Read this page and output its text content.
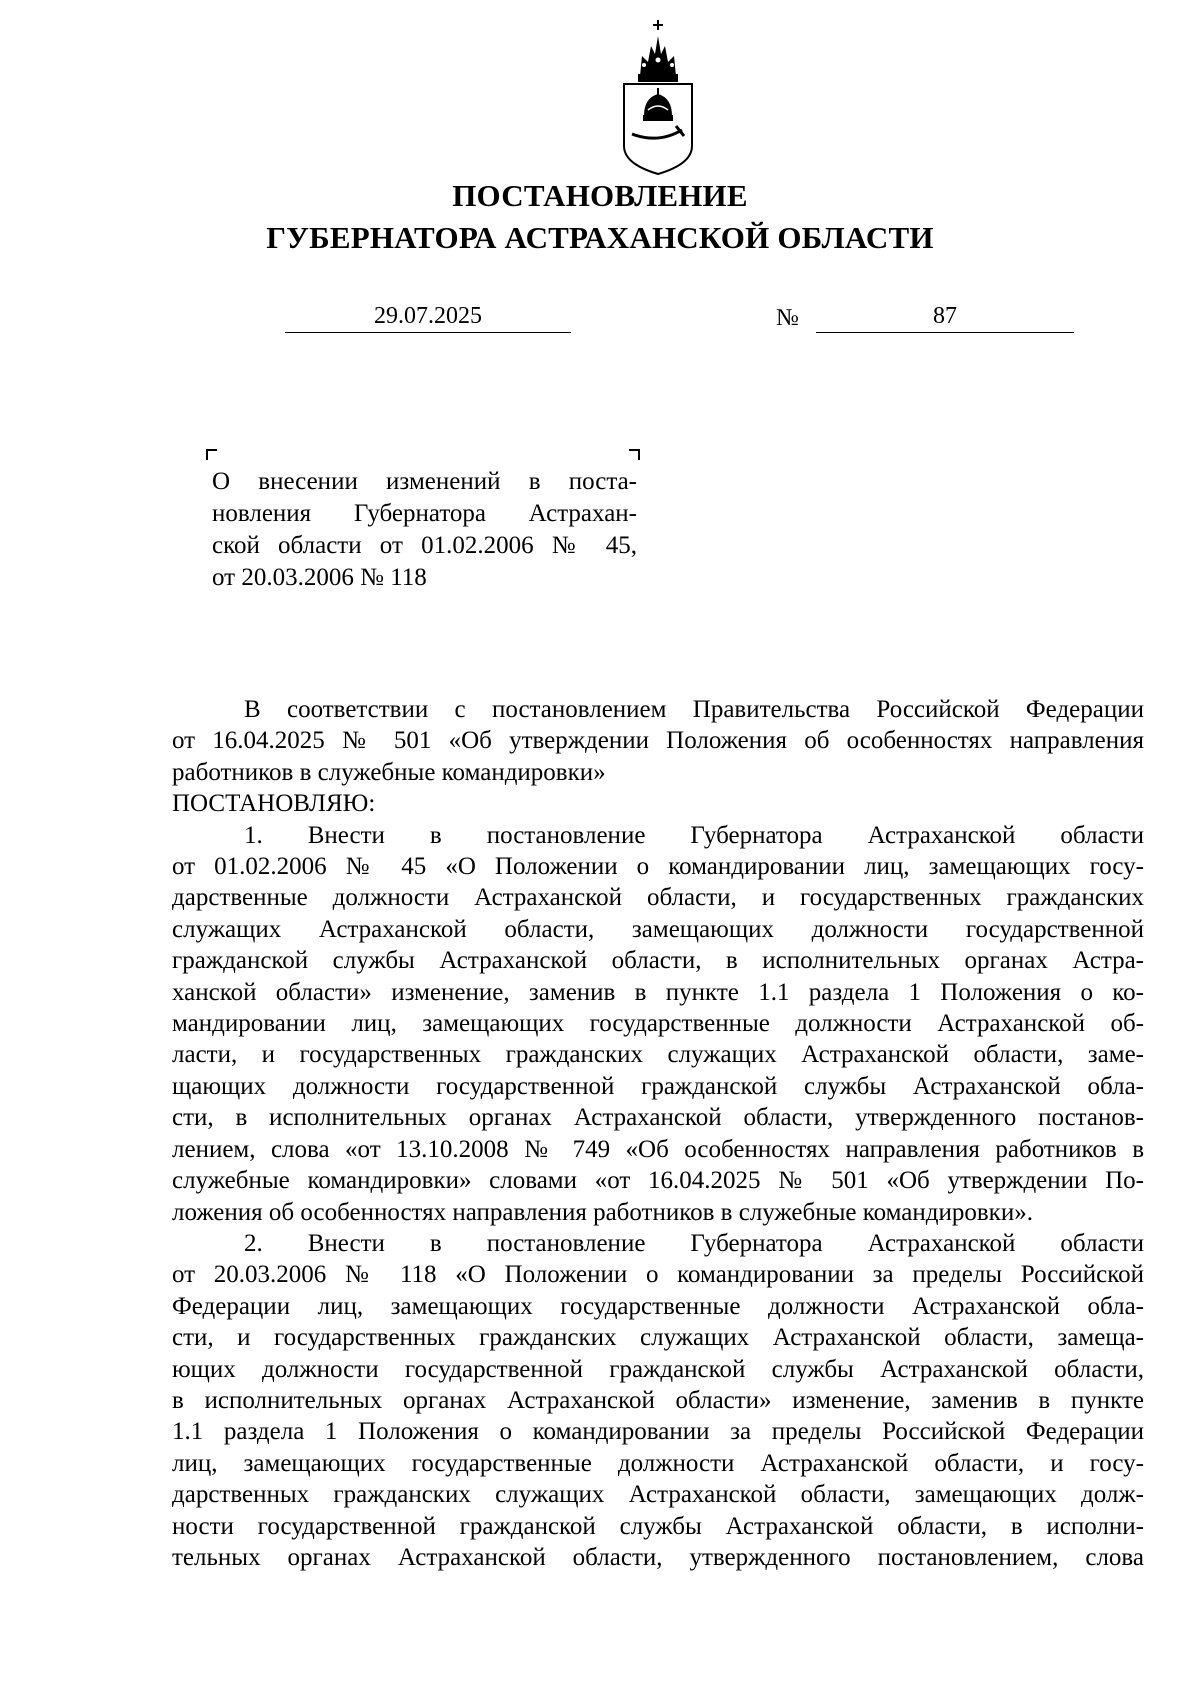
ПОСТАНОВЛЕНИЕ
ГУБЕРНАТОРА АСТРАХАНСКОЙ ОБЛАСТИ
29.07.2025	№	87
О внесении изменений в поста-
новления Губернатора Астрахан-
ской области от 01.02.2006 № 45,
от 20.03.2006 № 118
В соответствии с постановлением Правительства Российской Федерации
от 16.04.2025 № 501 «Об утверждении Положения об особенностях направления
работников в служебные командировки»
ПОСТАНОВЛЯЮ:
1. Внести в постановление Губернатора Астраханской области
от 01.02.2006 № 45 «О Положении о командировании лиц, замещающих госу-
дарственные должности Астраханской области, и государственных гражданских
служащих Астраханской области, замещающих должности государственной
гражданской службы Астраханской области, в исполнительных органах Астра-
ханской области» изменение, заменив в пункте 1.1 раздела 1 Положения о ко-
мандировании лиц, замещающих государственные должности Астраханской об-
ласти, и государственных гражданских служащих Астраханской области, заме-
щающих должности государственной гражданской службы Астраханской обла-
сти, в исполнительных органах Астраханской области, утвержденного постанов-
лением, слова «от 13.10.2008 № 749 «Об особенностях направления работников в
служебные командировки» словами «от 16.04.2025 № 501 «Об утверждении По-
ложения об особенностях направления работников в служебные командировки».
2. Внести в постановление Губернатора Астраханской области
от 20.03.2006 № 118 «О Положении о командировании за пределы Российской
Федерации лиц, замещающих государственные должности Астраханской обла-
сти, и государственных гражданских служащих Астраханской области, замеща-
ющих должности государственной гражданской службы Астраханской области,
в исполнительных органах Астраханской области» изменение, заменив в пункте
1.1 раздела 1 Положения о командировании за пределы Российской Федерации
лиц, замещающих государственные должности Астраханской области, и госу-
дарственных гражданских служащих Астраханской области, замещающих долж-
ности государственной гражданской службы Астраханской области, в исполни-
тельных органах Астраханской области, утвержденного постановлением, слова
